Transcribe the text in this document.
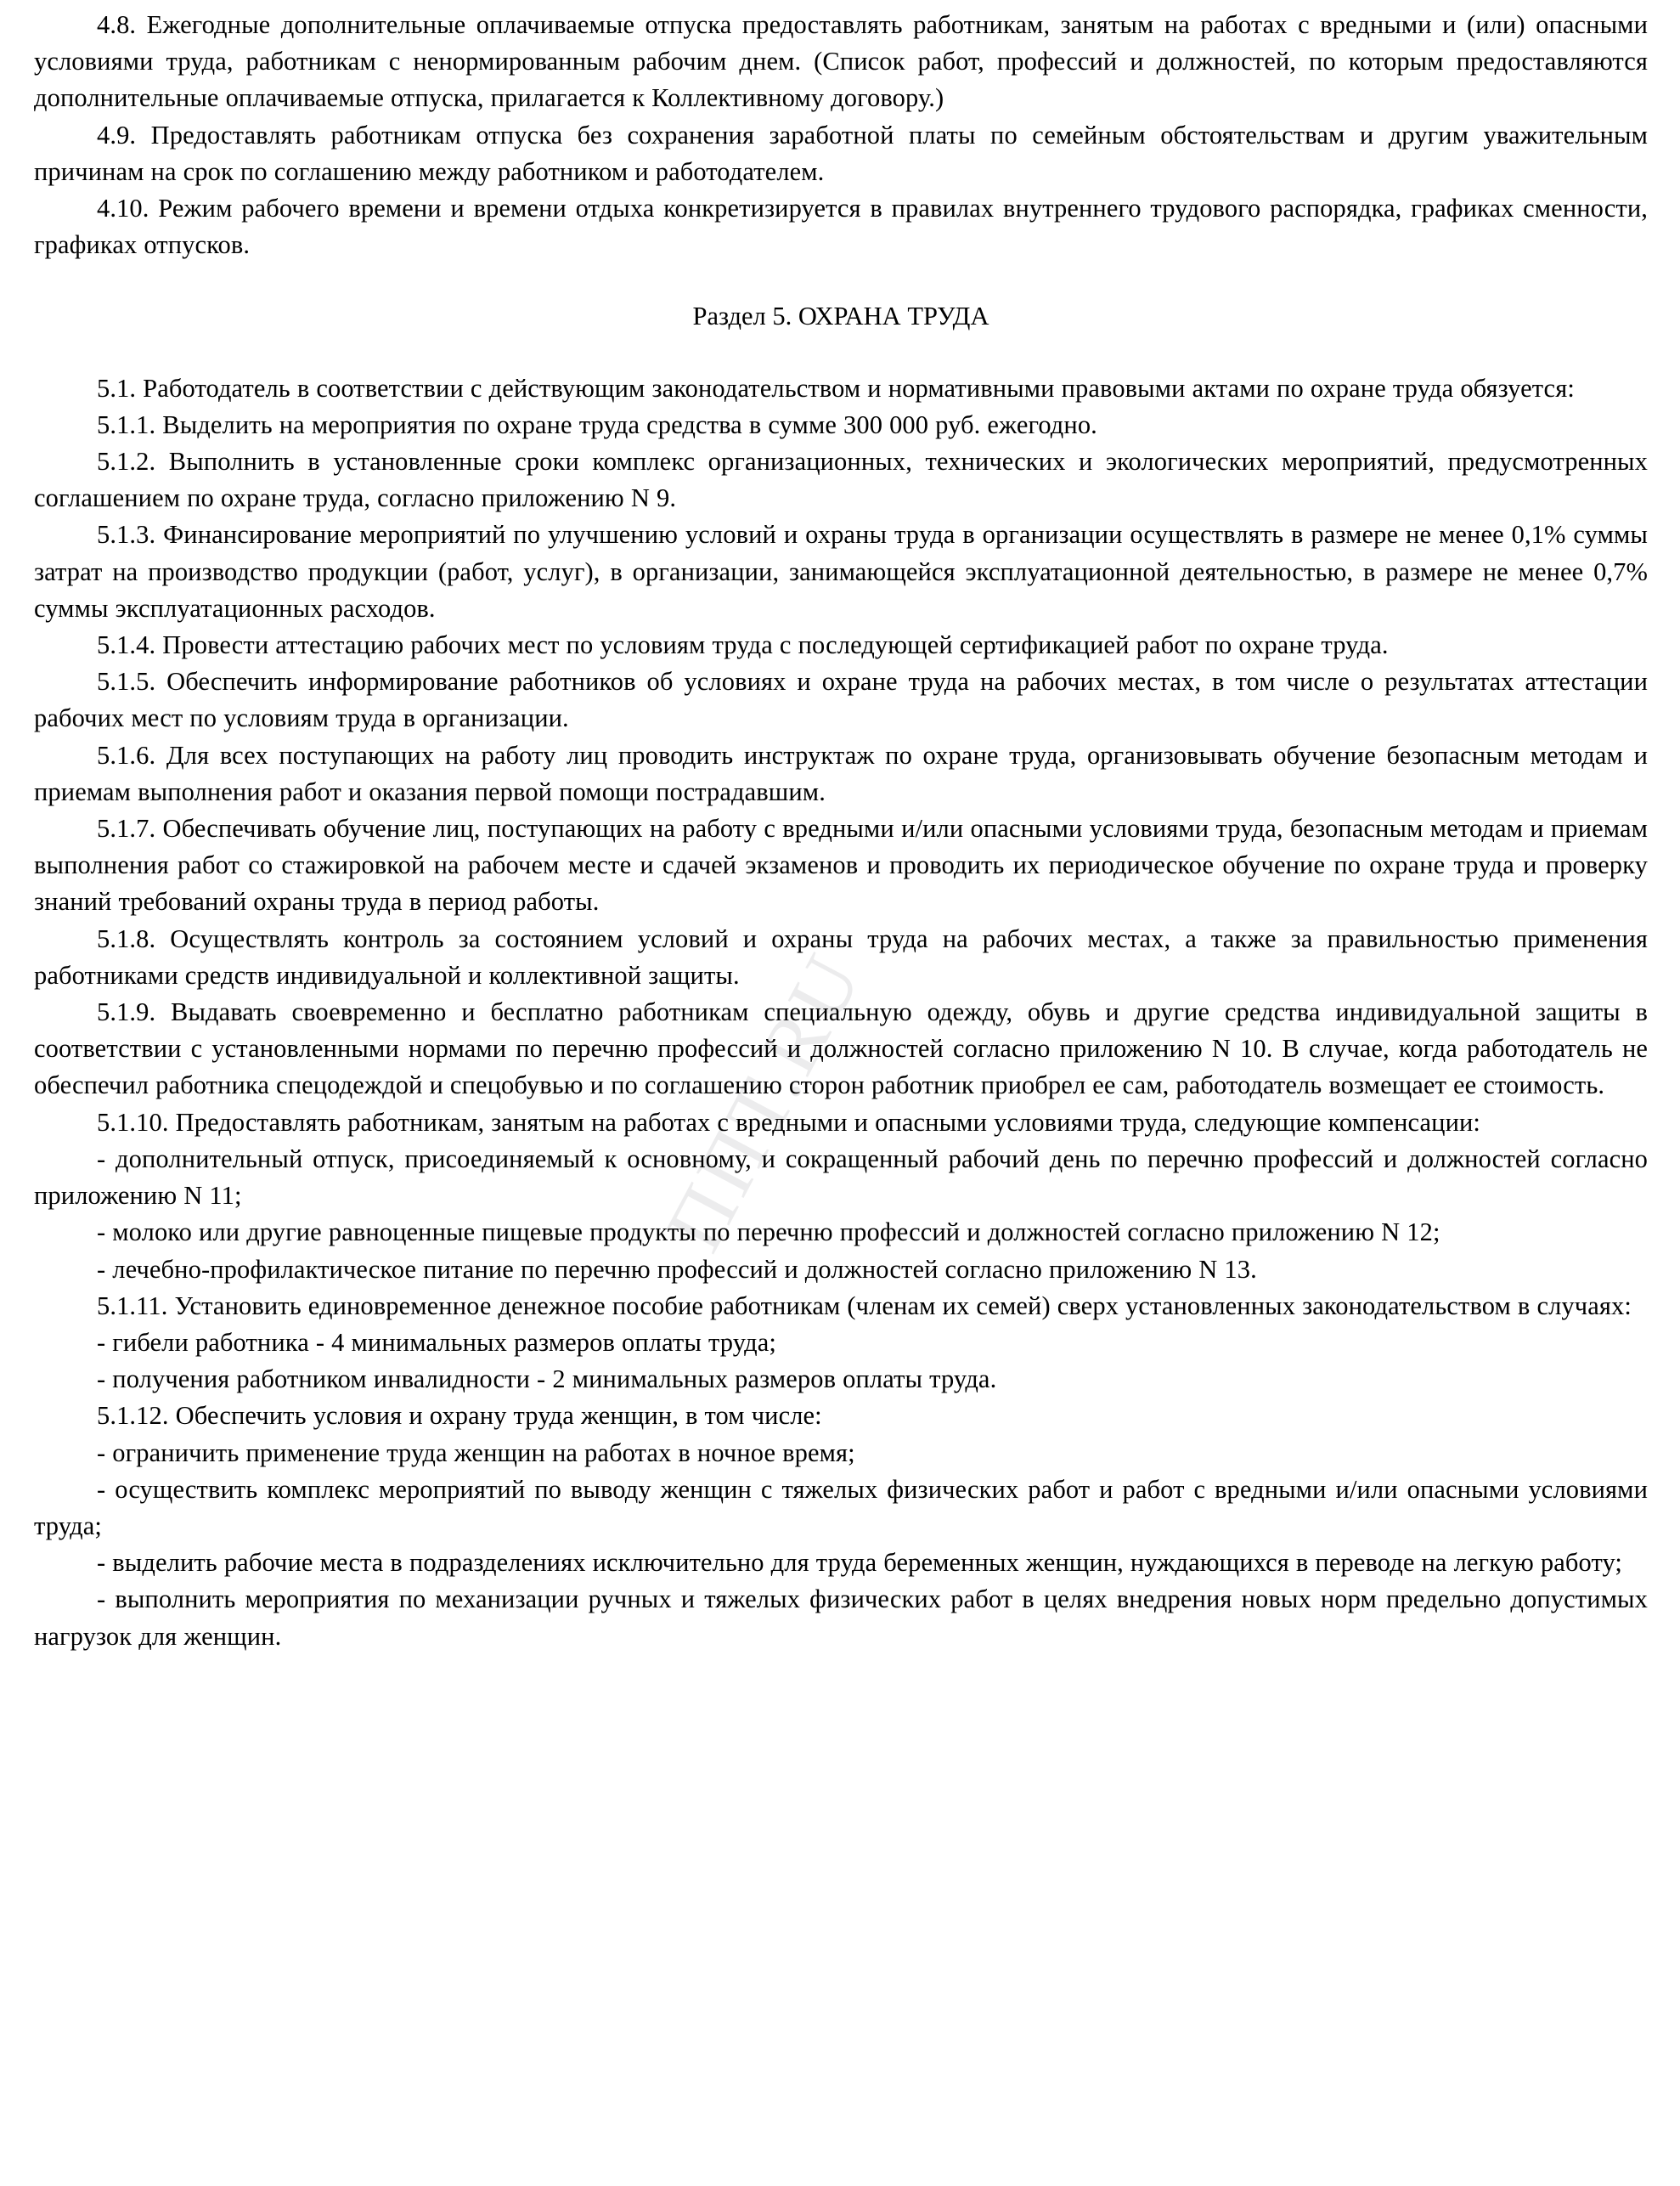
ППТ.RU

4.8. Ежегодные дополнительные оплачиваемые отпуска предоставлять работникам, занятым на работах с вредными и (или) опасными условиями труда, работникам с ненормированным рабочим днем. (Список работ, профессий и должностей, по которым предоставляются дополнительные оплачиваемые отпуска, прилагается к Коллективному договору.)

4.9. Предоставлять работникам отпуска без сохранения заработной платы по семейным обстоятельствам и другим уважительным причинам на срок по соглашению между работником и работодателем.

4.10. Режим рабочего времени и времени отдыха конкретизируется в правилах внутреннего трудового распорядка, графиках сменности, графиках отпусков.

Раздел 5. ОХРАНА ТРУДА

5.1. Работодатель в соответствии с действующим законодательством и нормативными правовыми актами по охране труда обязуется:

5.1.1. Выделить на мероприятия по охране труда средства в сумме 300 000 руб. ежегодно.

5.1.2. Выполнить в установленные сроки комплекс организационных, технических и экологических мероприятий, предусмотренных соглашением по охране труда, согласно приложению N 9.

5.1.3. Финансирование мероприятий по улучшению условий и охраны труда в организации осуществлять в размере не менее 0,1% суммы затрат на производство продукции (работ, услуг), в организации, занимающейся эксплуатационной деятельностью, в размере не менее 0,7% суммы эксплуатационных расходов.

5.1.4. Провести аттестацию рабочих мест по условиям труда с последующей сертификацией работ по охране труда.

5.1.5. Обеспечить информирование работников об условиях и охране труда на рабочих местах, в том числе о результатах аттестации рабочих мест по условиям труда в организации.

5.1.6. Для всех поступающих на работу лиц проводить инструктаж по охране труда, организовывать обучение безопасным методам и приемам выполнения работ и оказания первой помощи пострадавшим.

5.1.7. Обеспечивать обучение лиц, поступающих на работу с вредными и/или опасными условиями труда, безопасным методам и приемам выполнения работ со стажировкой на рабочем месте и сдачей экзаменов и проводить их периодическое обучение по охране труда и проверку знаний требований охраны труда в период работы.

5.1.8. Осуществлять контроль за состоянием условий и охраны труда на рабочих местах, а также за правильностью применения работниками средств индивидуальной и коллективной защиты.

5.1.9. Выдавать своевременно и бесплатно работникам специальную одежду, обувь и другие средства индивидуальной защиты в соответствии с установленными нормами по перечню профессий и должностей согласно приложению N 10. В случае, когда работодатель не обеспечил работника спецодеждой и спецобувью и по соглашению сторон работник приобрел ее сам, работодатель возмещает ее стоимость.

5.1.10. Предоставлять работникам, занятым на работах с вредными и опасными условиями труда, следующие компенсации:

- дополнительный отпуск, присоединяемый к основному, и сокращенный рабочий день по перечню профессий и должностей согласно приложению N 11;

- молоко или другие равноценные пищевые продукты по перечню профессий и должностей согласно приложению N 12;

- лечебно-профилактическое питание по перечню профессий и должностей согласно приложению N 13.

5.1.11. Установить единовременное денежное пособие работникам (членам их семей) сверх установленных законодательством в случаях:

- гибели работника - 4 минимальных размеров оплаты труда;

- получения работником инвалидности - 2 минимальных размеров оплаты труда.

5.1.12. Обеспечить условия и охрану труда женщин, в том числе:

- ограничить применение труда женщин на работах в ночное время;

- осуществить комплекс мероприятий по выводу женщин с тяжелых физических работ и работ с вредными и/или опасными условиями труда;

- выделить рабочие места в подразделениях исключительно для труда беременных женщин, нуждающихся в переводе на легкую работу;

- выполнить мероприятия по механизации ручных и тяжелых физических работ в целях внедрения новых норм предельно допустимых нагрузок для женщин.
